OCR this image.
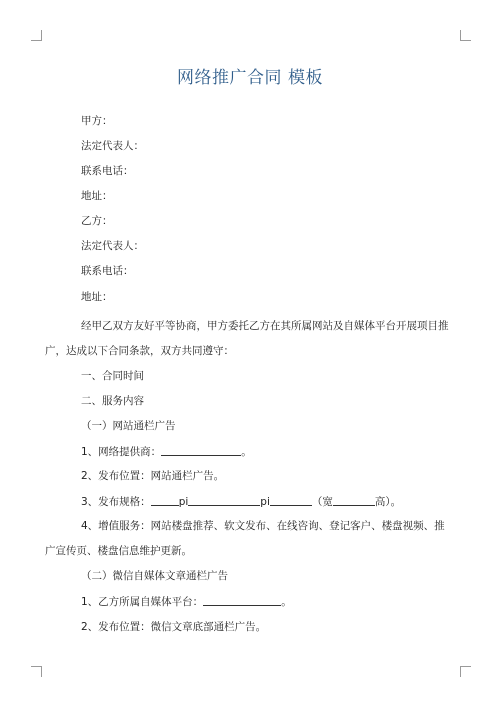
网络推广合同 模板
甲方：
法定代表人：
联系电话：
地址：
乙方：
法定代表人：
联系电话：
地址：
经甲乙双方友好平等协商，甲方委托乙方在其所属网站及自媒体平台开展项目推
广，达成以下合同条款，双方共同遵守：
一、合同时间
二、服务内容
（一）网站通栏广告
1、网络提供商：	。
2、发布位置：网站通栏广告。
3、发布规格：	pi	pi	（宽	高）。
4、增值服务：网站楼盘推荐、软文发布、在线咨询、登记客户、楼盘视频、推
广宣传页、楼盘信息维护更新。
（二）微信自媒体文章通栏广告
1、乙方所属自媒体平台：	。
2、发布位置：微信文章底部通栏广告。
